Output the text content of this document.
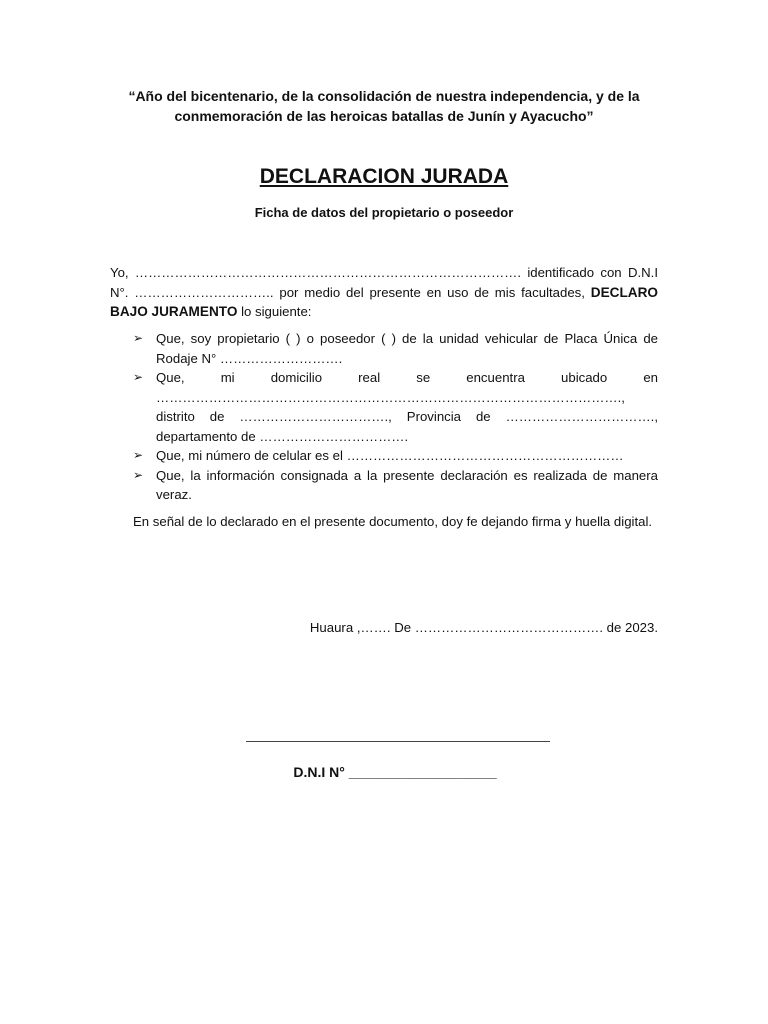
“Año del bicentenario, de la consolidación de nuestra independencia, y de la conmemoración de las heroicas batallas de Junín y Ayacucho”
DECLARACION JURADA
Ficha de datos del propietario o poseedor
Yo, ……………………………………………………………………………. identificado con D.N.I N°. ………………………….. por medio del presente en uso de mis facultades, DECLARO BAJO JURAMENTO lo siguiente:
➢ Que, soy propietario ( ) o poseedor ( ) de la unidad vehicular de Placa Única de Rodaje N° ……………………….
➢ Que, mi domicilio real se encuentra ubicado en ……………………………………………………………………………………………., distrito de ……………………………., Provincia de ……………………………., departamento de …………………………….
➢ Que, mi número de celular es el ………………………………………………………
➢ Que, la información consignada a la presente declaración es realizada de manera veraz.
En señal de lo declarado en el presente documento, doy fe dejando firma y huella digital.
Huaura ,……. De ……………………………………. de 2023.
D.N.I N° ___________________
